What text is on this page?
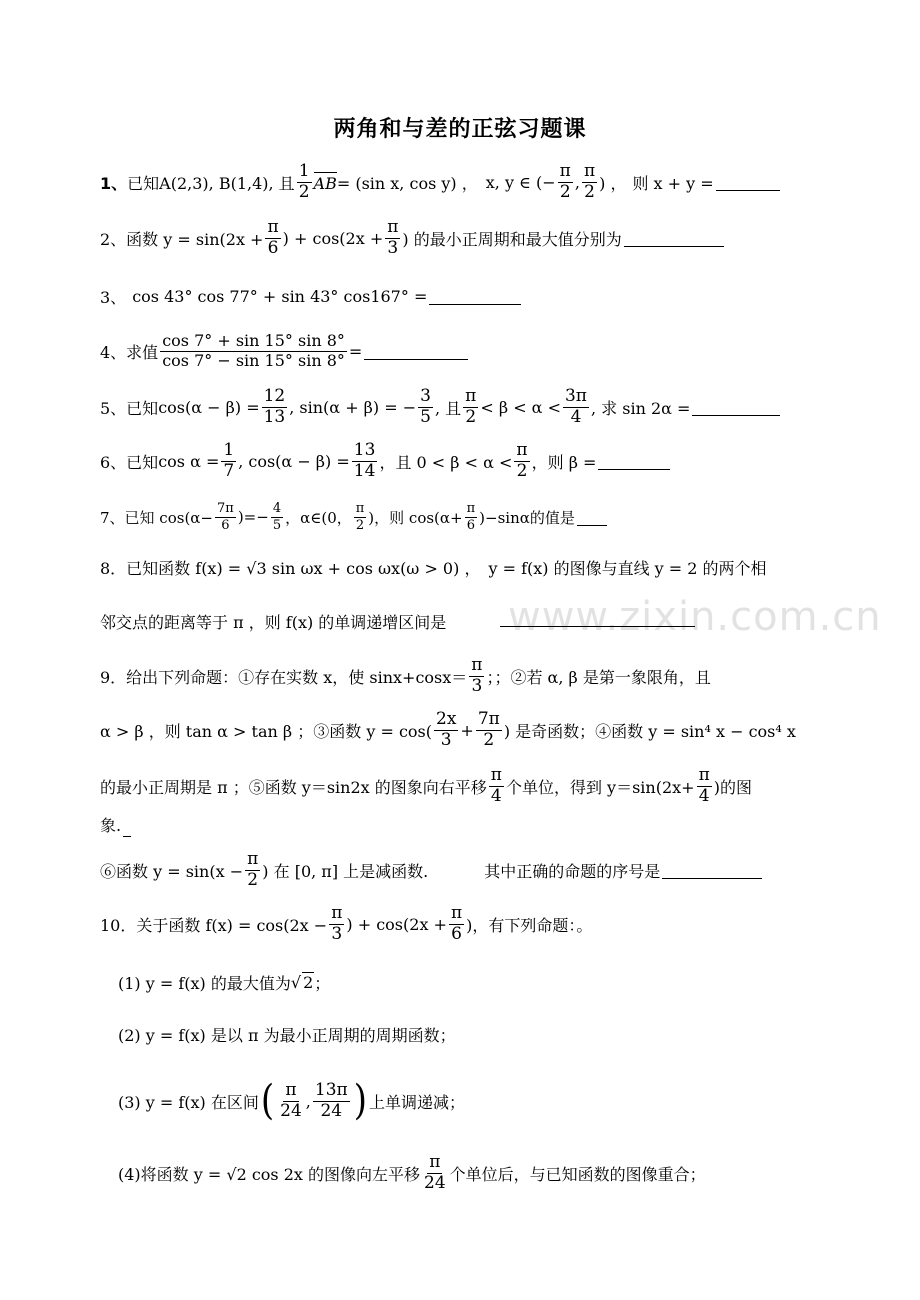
www.zixin.com.cn
两角和与差的正弦习题课
1、 已知 A(2,3), B(1,4), 且 $\frac{1}{2}$ AB = (sin x, cos y) ， x, y ∈ (− $\frac{\pi}{2}$ , $\frac{\pi}{2}$ ) ， 则 x + y =
2、函数 $y = \sin(2x + \frac{\pi}{6}$ ) + $\cos(2x + \frac{\pi}{3}$ ) 的最小正周期和最大值分别为
3、 cos 43° cos 77° + sin 43° cos167° =
4、求值 $\frac{\cos 7^\circ + \sin 15^\circ \sin 8^\circ}{\cos 7^\circ - \sin 15^\circ \sin 8^\circ}$ =
5、已知 $\cos(\alpha - \beta) = \frac{12}{13}$ , sin(α + β) = − $\frac{3}{5}$ , 且 $\frac{\pi}{2} < \beta < \alpha < \frac{3\pi}{4}$ , 求 sin 2α =
6、已知 $\cos \alpha = \frac{1}{7}$ , $\cos(\alpha - \beta) = \frac{13}{14}$ ，且 $0 < \beta < \alpha < \frac{\pi}{2}$ ，则 β =
7、已知 $\cos(\alpha- \frac{7\pi}{6}$ )=− $\frac{4}{5}$ ，α∈(0， $\frac{\pi}{2}$ )，则 $\cos(\alpha+ \frac{\pi}{6} )-\sin\alpha$的值是
8．已知函数 f(x) = √3 sin ωx + cos ωx(ω > 0) ， y = f(x) 的图像与直线 y = 2 的两个相
邻交点的距离等于 π ，则 f(x) 的单调递增区间是
9．给出下列命题：①存在实数 x，使 $\sin x+\cos x= \frac{\pi}{3}$ ；；②若 α, β 是第一象限角，且
α > β ，则 tan α > tan β ；③函数 $y = \cos( \frac{2x}{3} + \frac{7\pi}{2}$ ) 是奇函数；④函数 y = sin⁴ x − cos⁴ x
的最小正周期是 π ；⑤函数 y＝sin2x 的图象向右平移 $\frac{\pi}{4}$ 个单位，得到 $y=\sin(2x+ \frac{\pi}{4}$ )的图
象.
⑥函数 $y = \sin(x - \frac{\pi}{2}$ ) 在 [0, π] 上是减函数.	其中正确的命题的序号是
10．关于函数 $f(x) = \cos(2x - \frac{\pi}{3}$ ) + $\cos(2x + \frac{\pi}{6}$ )，有下列命题：。
(1) y = f(x) 的最大值为 √ 2 ；
(2) y = f(x) 是以 π 为最小正周期的周期函数；
(3) y = f(x) 在区间 ( $\frac{\pi}{24}$ , $\frac{13\pi}{24}$ ) 上单调递减；
(4)将函数 y = √2 cos 2x 的图像向左平移 $\frac{\pi}{24}$ 个单位后，与已知函数的图像重合；
